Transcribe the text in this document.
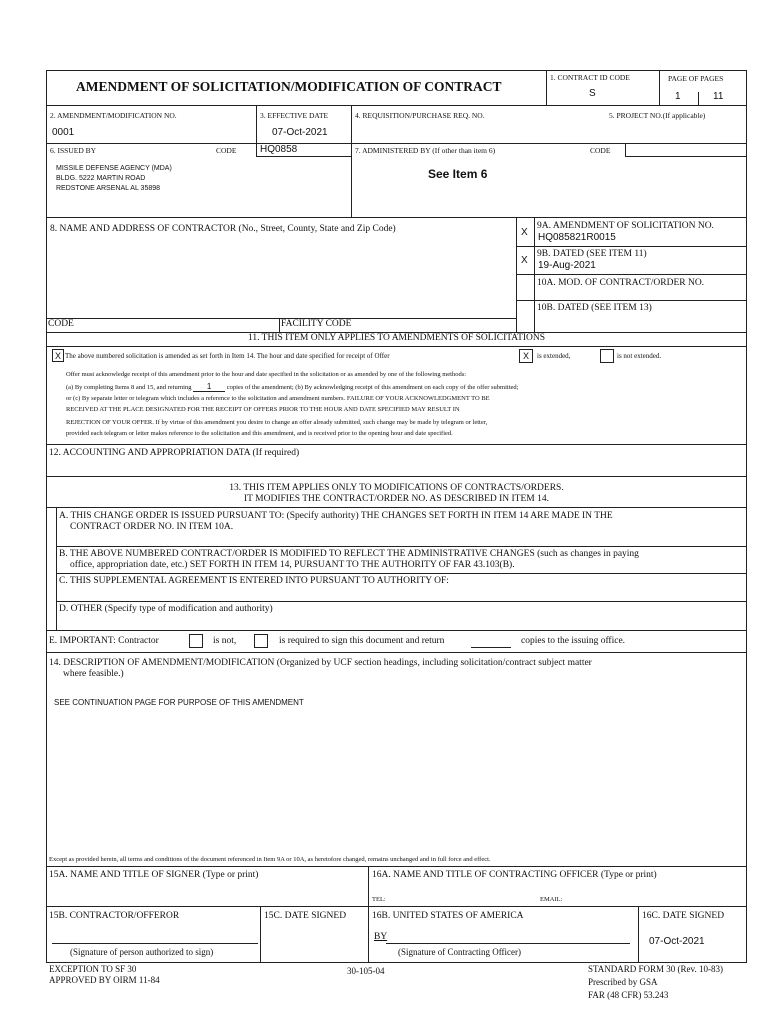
AMENDMENT OF SOLICITATION/MODIFICATION OF CONTRACT
1. CONTRACT ID CODE
S
PAGE OF PAGES
1	11
2. AMENDMENT/MODIFICATION NO.
0001
3. EFFECTIVE DATE
07-Oct-2021
4. REQUISITION/PURCHASE REQ. NO.	5. PROJECT NO.(If applicable)
6. ISSUED BY	CODE HQ0858
MISSILE DEFENSE AGENCY (MDA)
BLDG. 5222 MARTIN ROAD
REDSTONE ARSENAL AL 35898
7. ADMINISTERED BY (If other than item 6)	CODE
See Item 6
8. NAME AND ADDRESS OF CONTRACTOR (No., Street, County, State and Zip Code)	X
9A. AMENDMENT OF SOLICITATION NO.
HQ085821R0015
X
9B. DATED (SEE ITEM 11)
19-Aug-2021
10A. MOD. OF CONTRACT/ORDER NO.
10B. DATED (SEE ITEM 13)
CODE	FACILITY CODE
11. THIS ITEM ONLY APPLIES TO AMENDMENTS OF SOLICITATIONS
X The above numbered solicitation is amended as set forth in Item 14. The hour and date specified for receipt of Offer	X	is extended,	is not extended.
Offer must acknowledge receipt of this amendment prior to the hour and date specified in the solicitation or as amended by one of the following methods:
(a) By completing Items 8 and 15, and returning 1 copies of the amendment; (b) By acknowledging receipt of this amendment on each copy of the offer submitted;
or (c) By separate letter or telegram which includes a reference to the solicitation and amendment numbers. FAILURE OF YOUR ACKNOWLEDGMENT TO BE
RECEIVED AT THE PLACE DESIGNATED FOR THE RECEIPT OF OFFERS PRIOR TO THE HOUR AND DATE SPECIFIED MAY RESULT IN
REJECTION OF YOUR OFFER. If by virtue of this amendment you desire to change an offer already submitted, such change may be made by telegram or letter,
provided each telegram or letter makes reference to the solicitation and this amendment, and is received prior to the opening hour and date specified.
12. ACCOUNTING AND APPROPRIATION DATA (If required)
13. THIS ITEM APPLIES ONLY TO MODIFICATIONS OF CONTRACTS/ORDERS.
IT MODIFIES THE CONTRACT/ORDER NO. AS DESCRIBED IN ITEM 14.
A. THIS CHANGE ORDER IS ISSUED PURSUANT TO: (Specify authority) THE CHANGES SET FORTH IN ITEM 14 ARE MADE IN THE
CONTRACT ORDER NO. IN ITEM 10A.
B. THE ABOVE NUMBERED CONTRACT/ORDER IS MODIFIED TO REFLECT THE ADMINISTRATIVE CHANGES (such as changes in paying
office, appropriation date, etc.) SET FORTH IN ITEM 14, PURSUANT TO THE AUTHORITY OF FAR 43.103(B).
C. THIS SUPPLEMENTAL AGREEMENT IS ENTERED INTO PURSUANT TO AUTHORITY OF:
D. OTHER (Specify type of modification and authority)
E. IMPORTANT: Contractor	is not,	is required to sign this document and return	copies to the issuing office.
14. DESCRIPTION OF AMENDMENT/MODIFICATION (Organized by UCF section headings, including solicitation/contract subject matter
where feasible.)
SEE CONTINUATION PAGE FOR PURPOSE OF THIS AMENDMENT
Except as provided herein, all terms and conditions of the document referenced in Item 9A or 10A, as heretofore changed, remains unchanged and in full force and effect.
15A. NAME AND TITLE OF SIGNER (Type or print)	16A. NAME AND TITLE OF CONTRACTING OFFICER (Type or print)
TEL:	EMAIL:
15B. CONTRACTOR/OFFEROR	15C. DATE SIGNED	16B. UNITED STATES OF AMERICA	16C. DATE SIGNED
(Signature of person authorized to sign)
BY
(Signature of Contracting Officer)
07-Oct-2021
EXCEPTION TO SF 30
APPROVED BY OIRM 11-84
30-105-04	STANDARD FORM 30 (Rev. 10-83)
Prescribed by GSA
FAR (48 CFR) 53.243
